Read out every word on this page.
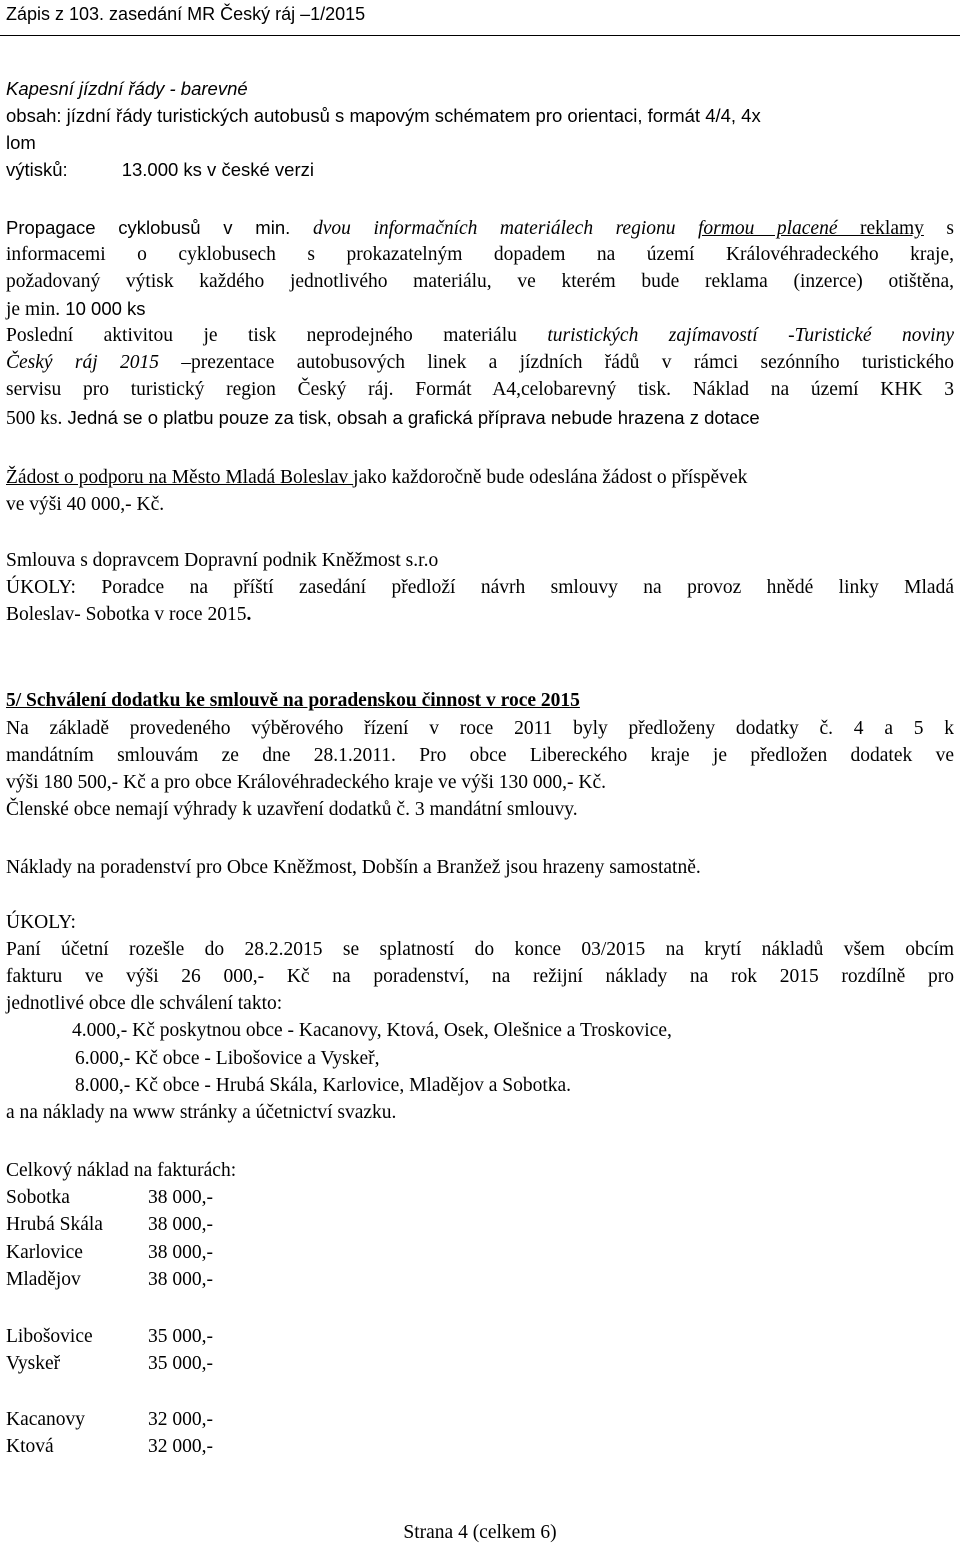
Zápis z 103. zasedání MR Český ráj –1/2015
Kapesní jízdní řády - barevné
obsah: jízdní řády turistických autobusů s mapovým schématem pro orientaci, formát 4/4, 4x
lom
výtisků:	13.000 ks v české verzi
Propagace cyklobusů v min. dvou informačních materiálech regionu formou placené reklamy s
informacemi o cyklobusech s prokazatelným dopadem na území Královéhradeckého kraje,
požadovaný výtisk každého jednotlivého materiálu, ve kterém bude reklama (inzerce) otištěna,
je min. 10 000 ks
Poslední aktivitou je tisk neprodejného materiálu turistických zajímavostí -Turistické noviny
Český ráj 2015 –prezentace autobusových linek a jízdních řádů v rámci sezónního turistického
servisu pro turistický region Český ráj. Formát A4,celobarevný tisk. Náklad na území KHK 3
500 ks. Jedná se o platbu pouze za tisk, obsah a grafická příprava nebude hrazena z dotace
Žádost o podporu na Město Mladá Boleslav jako každoročně bude odeslána žádost o příspěvek
ve výši 40 000,- Kč.
Smlouva s dopravcem Dopravní podnik Kněžmost s.r.o
ÚKOLY: Poradce na příští zasedání předloží návrh smlouvy na provoz hnědé linky Mladá
Boleslav- Sobotka v roce 2015.
5/ Schválení dodatku ke smlouvě na poradenskou činnost v roce 2015
Na základě provedeného výběrového řízení v roce 2011 byly předloženy dodatky č. 4 a 5 k
mandátním smlouvám ze dne 28.1.2011. Pro obce Libereckého kraje je předložen dodatek ve
výši 180 500,- Kč a pro obce Královéhradeckého kraje ve výši 130 000,- Kč.
Členské obce nemají výhrady k uzavření dodatků č. 3 mandátní smlouvy.
Náklady na poradenství pro Obce Kněžmost, Dobšín a Branžež jsou hrazeny samostatně.
ÚKOLY:
Paní účetní rozešle do 28.2.2015 se splatností do konce 03/2015 na krytí nákladů všem obcím
fakturu ve výši 26 000,- Kč na poradenství, na režijní náklady na rok 2015 rozdílně pro
jednotlivé obce dle schválení takto:
4.000,- Kč poskytnou obce - Kacanovy, Ktová, Osek, Olešnice a Troskovice,
6.000,- Kč obce - Libošovice a Vyskeř,
8.000,- Kč obce - Hrubá Skála, Karlovice, Mladějov a Sobotka.
a na náklady na www stránky a účetnictví svazku.
Celkový náklad na fakturách:
Sobotka	38 000,-
Hrubá Skála 38 000,-
Karlovice	38 000,-
Mladějov	38 000,-
Libošovice	35 000,-
Vyskeř	35 000,-
Kacanovy	32 000,-
Ktová	32 000,-
Strana 4 (celkem 6)
